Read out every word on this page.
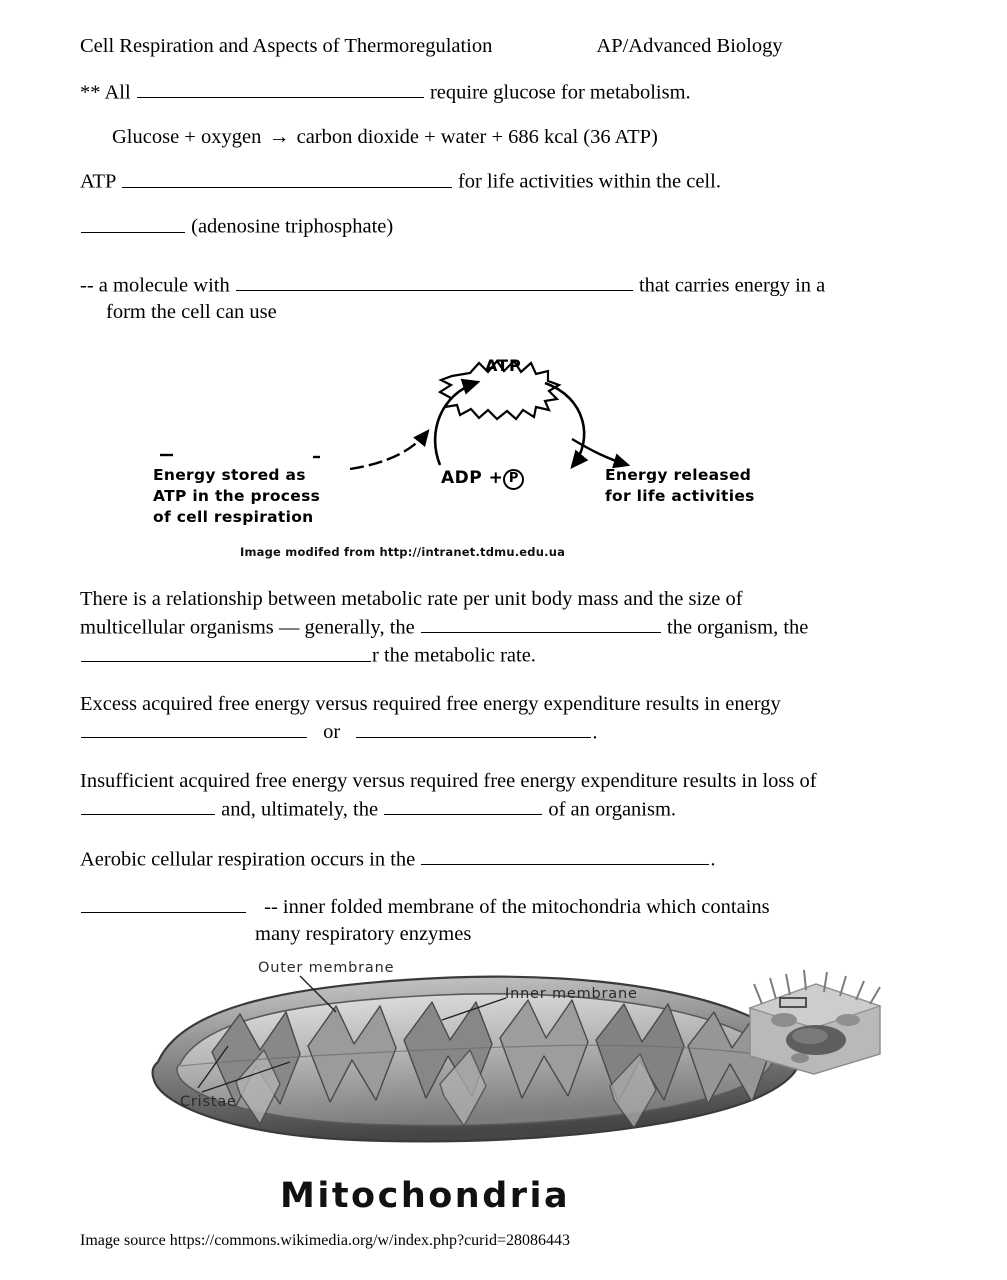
Cell Respiration and Aspects of Thermoregulation	AP/Advanced Biology
** All	require glucose for metabolism.
Glucose + oxygen → carbon dioxide + water + 686 kcal (36 ATP)
ATP	for life activities within the cell.
(adenosine triphosphate)
-- a molecule with	that carries energy in a
form the cell can use
ATP
Energy stored as
ATP in the process
of cell respiration
ADP + P	Energy released
for life activities
Image modifed from http://intranet.tdmu.edu.ua
There is a relationship between metabolic rate per unit body mass and the size of
multicellular organisms — generally, the	the organism, the
r the metabolic rate.
Excess acquired free energy versus required free energy expenditure results in energy
or	.
Insufficient acquired free energy versus required free energy expenditure results in loss of
and, ultimately, the	of an organism.
Aerobic cellular respiration occurs in the	.
-- inner folded membrane of the mitochondria which contains
many respiratory enzymes
Outer membrane
Inner membrane
Cristae
Mitochondria
Image source https://commons.wikimedia.org/w/index.php?curid=28086443
